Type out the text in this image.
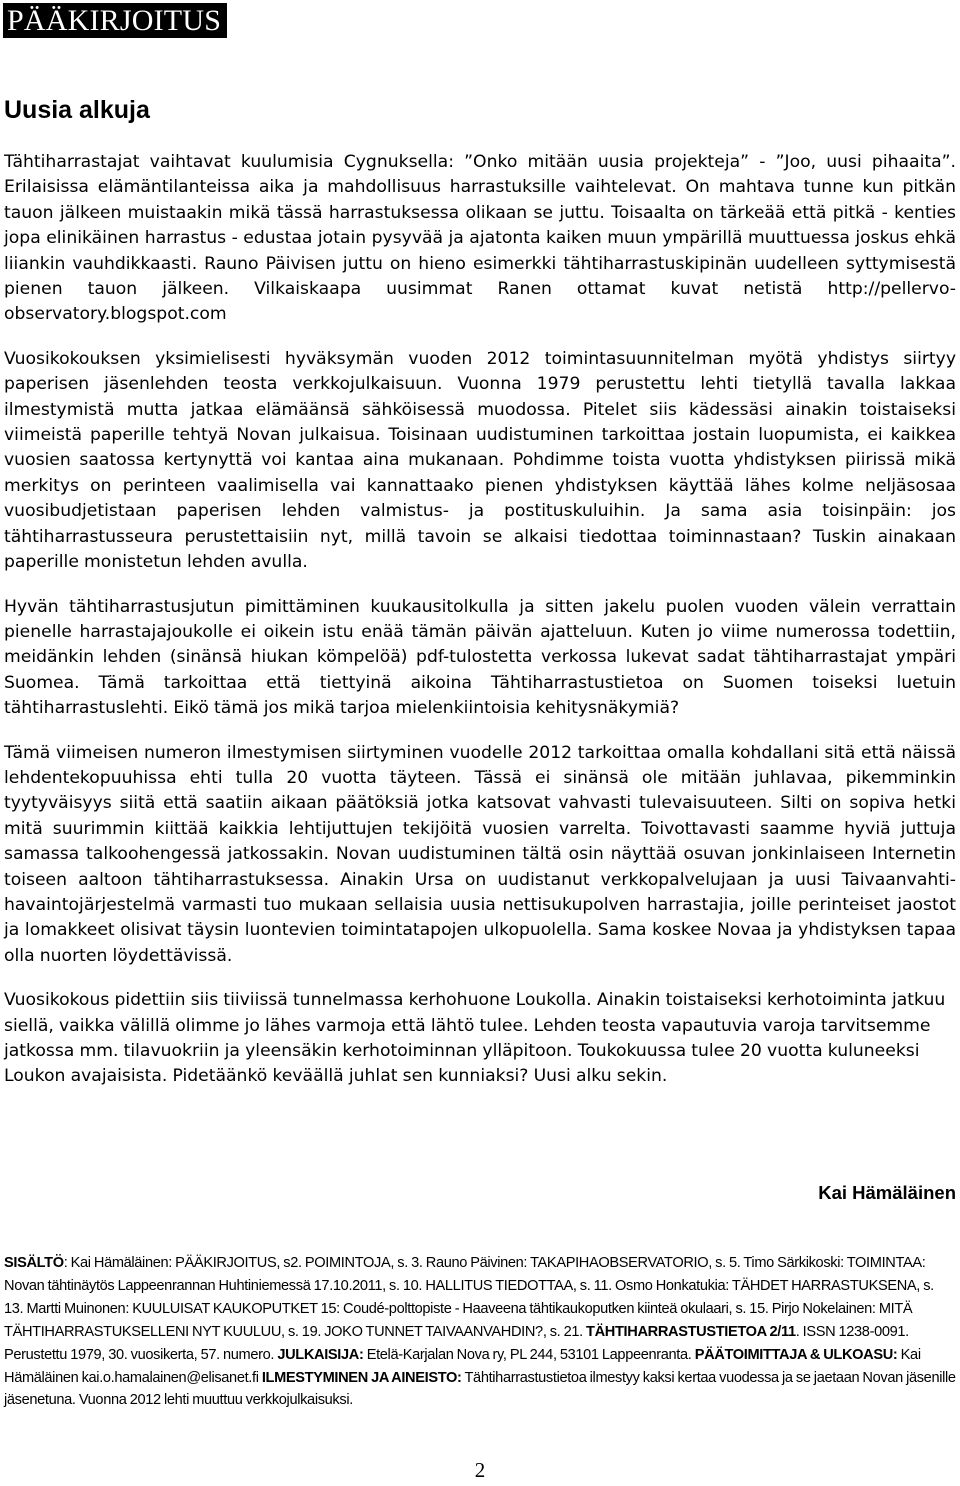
PÄÄKIRJOITUS
Uusia alkuja

Tähtiharrastajat vaihtavat kuulumisia Cygnuksella: ”Onko mitään uusia projekteja” - ”Joo, uusi pihaaita”. Erilaisissa elämäntilanteissa aika ja mahdollisuus harrastuksille vaihtelevat. On mahtava tunne kun pitkän tauon jälkeen muistaakin mikä tässä harrastuksessa olikaan se juttu. Toisaalta on tärkeää että pitkä - kenties jopa elinikäinen harrastus - edustaa jotain pysyvää ja ajatonta kaiken muun ympärillä muuttuessa joskus ehkä liiankin vauhdikkaasti. Rauno Päivisen juttu on hieno esimerkki tähtiharrastuskipinän uudelleen syttymisestä pienen tauon jälkeen. Vilkaiskaapa uusimmat Ranen ottamat kuvat netistä http://pellervo-observatory.blogspot.com

Vuosikokouksen yksimielisesti hyväksymän vuoden 2012 toimintasuunnitelman myötä yhdistys siirtyy paperisen jäsenlehden teosta verkkojulkaisuun. Vuonna 1979 perustettu lehti tietyllä tavalla lakkaa ilmestymistä mutta jatkaa elämäänsä sähköisessä muodossa. Pitelet siis kädessäsi ainakin toistaiseksi viimeistä paperille tehtyä Novan julkaisua. Toisinaan uudistuminen tarkoittaa jostain luopumista, ei kaikkea vuosien saatossa kertynyttä voi kantaa aina mukanaan. Pohdimme toista vuotta yhdistyksen piirissä mikä merkitys on perinteen vaalimisella vai kannattaako pienen yhdistyksen käyttää lähes kolme neljäsosaa vuosibudjetistaan paperisen lehden valmistus- ja postituskuluihin. Ja sama asia toisinpäin: jos tähtiharrastusseura perustettaisiin nyt, millä tavoin se alkaisi tiedottaa toiminnastaan? Tuskin ainakaan paperille monistetun lehden avulla.

Hyvän tähtiharrastusjutun pimittäminen kuukausitolkulla ja sitten jakelu puolen vuoden välein verrattain pienelle harrastajajoukolle ei oikein istu enää tämän päivän ajatteluun. Kuten jo viime numerossa todettiin, meidänkin lehden (sinänsä hiukan kömpelöä) pdf-tulostetta verkossa lukevat sadat tähtiharrastajat ympäri Suomea. Tämä tarkoittaa että tiettyinä aikoina Tähtiharrastustietoa on Suomen toiseksi luetuin tähtiharrastuslehti. Eikö tämä jos mikä tarjoa mielenkiintoisia kehitysnäkymiä?

Tämä viimeisen numeron ilmestymisen siirtyminen vuodelle 2012 tarkoittaa omalla kohdallani sitä että näissä lehdentekopuuhissa ehti tulla 20 vuotta täyteen. Tässä ei sinänsä ole mitään juhlavaa, pikemminkin tyytyväisyys siitä että saatiin aikaan päätöksiä jotka katsovat vahvasti tulevaisuuteen. Silti on sopiva hetki mitä suurimmin kiittää kaikkia lehtijuttujen tekijöitä vuosien varrelta. Toivottavasti saamme hyviä juttuja samassa talkoohengessä jatkossakin. Novan uudistuminen tältä osin näyttää osuvan jonkinlaiseen Internetin toiseen aaltoon tähtiharrastuksessa. Ainakin Ursa on uudistanut verkkopalvelujaan ja uusi Taivaanvahti-havaintojärjestelmä varmasti tuo mukaan sellaisia uusia nettisukupolven harrastajia, joille perinteiset jaostot ja lomakkeet olisivat täysin luontevien toimintatapojen ulkopuolella. Sama koskee Novaa ja yhdistyksen tapaa olla nuorten löydettävissä.

Vuosikokous pidettiin siis tiiviissä tunnelmassa kerhohuone Loukolla. Ainakin toistaiseksi kerhotoiminta jatkuu siellä, vaikka välillä olimme jo lähes varmoja että lähtö tulee. Lehden teosta vapautuvia varoja tarvitsemme jatkossa mm. tilavuokriin ja yleensäkin kerhotoiminnan ylläpitoon. Toukokuussa tulee 20 vuotta kuluneeksi Loukon avajaisista. Pidetäänkö keväällä juhlat sen kunniaksi? Uusi alku sekin.

Kai Hämäläinen
SISÄLTÖ: Kai Hämäläinen: PÄÄKIRJOITUS, s2. POIMINTOJA, s. 3. Rauno Päivinen: TAKAPIHAOBSERVATORIO, s. 5. Timo Särkikoski: TOIMINTAA: Novan tähtinäytös Lappeenrannan Huhtiniemessä 17.10.2011, s. 10. HALLITUS TIEDOTTAA, s. 11. Osmo Honkatukia: TÄHDET HARRASTUKSENA, s. 13. Martti Muinonen: KUULUISAT KAUKOPUTKET 15: Coudé-polttopiste - Haaveena tähtikaukoputken kiinteä okulaari, s. 15. Pirjo Nokelainen: MITÄ TÄHTIHARRASTUKSELLENI NYT KUULUU, s. 19. JOKO TUNNET TAIVAANVAHDIN?, s. 21. TÄHTIHARRASTUSTIETOA 2/11. ISSN 1238-0091. Perustettu 1979, 30. vuosikerta, 57. numero. JULKAISIJA: Etelä-Karjalan Nova ry, PL 244, 53101 Lappeenranta. PÄÄTOIMITTAJA & ULKOASU: Kai Hämäläinen kai.o.hamalainen@elisanet.fi ILMESTYMINEN JA AINEISTO: Tähtiharrastustietoa ilmestyy kaksi kertaa vuodessa ja se jaetaan Novan jäsenille jäsenetuna. Vuonna 2012 lehti muuttuu verkkojulkaisuksi.
2
